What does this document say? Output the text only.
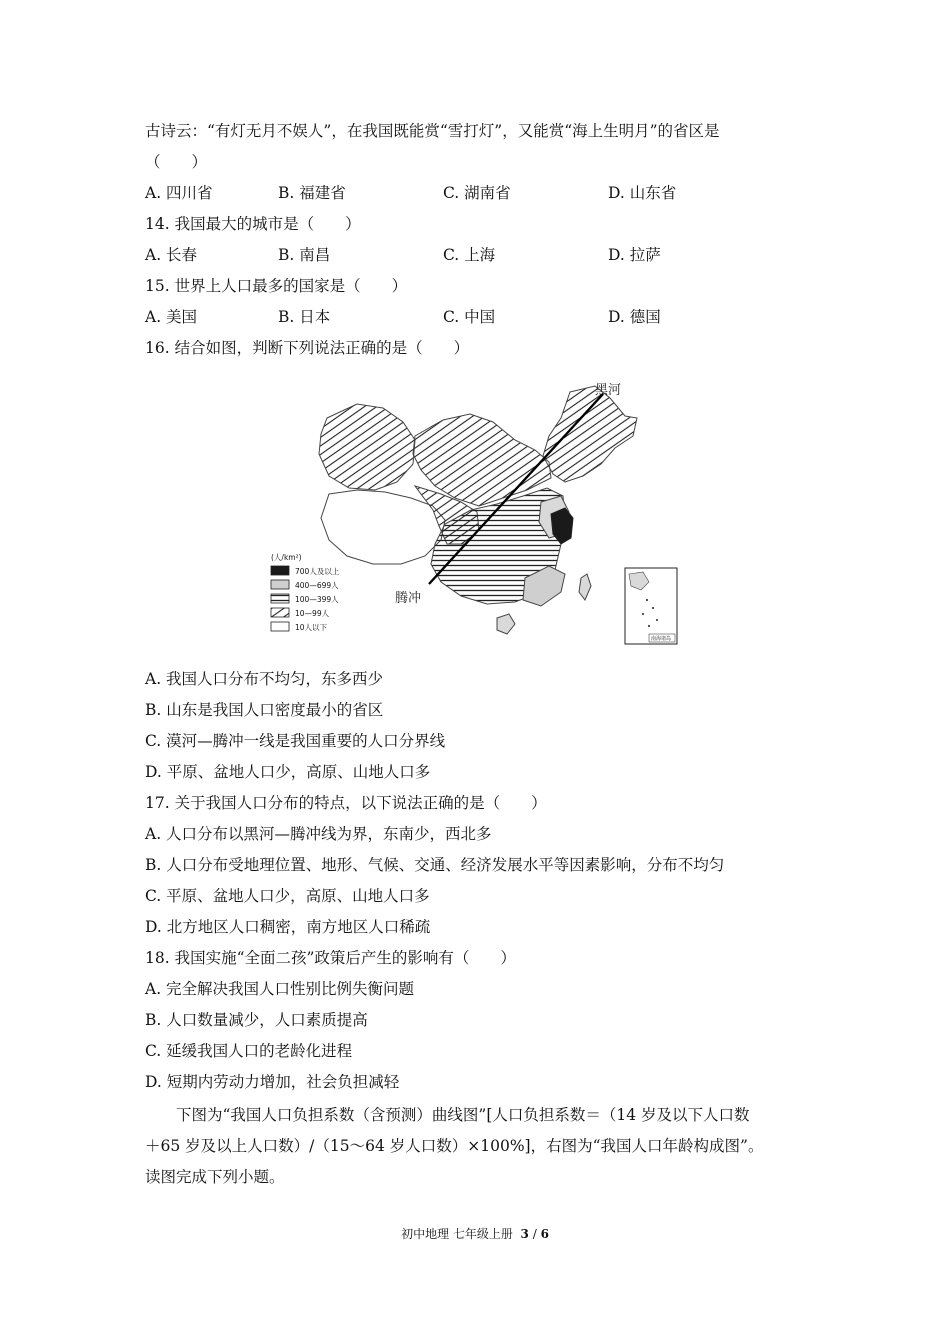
古诗云：“有灯无月不娱人”，在我国既能赏“雪打灯”，又能赏“海上生明月”的省区是
（　　）
A. 四川省	B. 福建省	C. 湖南省	D. 山东省
14. 我国最大的城市是（　　）
A. 长春	B. 南昌	C. 上海	D. 拉萨
15. 世界上人口最多的国家是（　　）
A. 美国	B. 日本	C. 中国	D. 德国
16. 结合如图，判断下列说法正确的是（　　）
黑河
腾冲
(人/km²)
700人及以上
400—699人
100—399人
10—99人
10人以下
南海诸岛
A. 我国人口分布不均匀，东多西少
B. 山东是我国人口密度最小的省区
C. 漠河—腾冲一线是我国重要的人口分界线
D. 平原、盆地人口少，高原、山地人口多
17. 关于我国人口分布的特点，以下说法正确的是（　　）
A. 人口分布以黑河—腾冲线为界，东南少，西北多
B. 人口分布受地理位置、地形、气候、交通、经济发展水平等因素影响，分布不均匀
C. 平原、盆地人口少，高原、山地人口多
D. 北方地区人口稠密，南方地区人口稀疏
18. 我国实施“全面二孩”政策后产生的影响有（　　）
A. 完全解决我国人口性别比例失衡问题
B. 人口数量减少，人口素质提高
C. 延缓我国人口的老龄化进程
D. 短期内劳动力增加，社会负担减轻
　　下图为“我国人口负担系数（含预测）曲线图”[人口负担系数＝（14 岁及以下人口数
＋65 岁及以上人口数）/（15～64 岁人口数）×100%]，右图为“我国人口年龄构成图”。
读图完成下列小题。
初中地理 七年级上册 3 / 6
